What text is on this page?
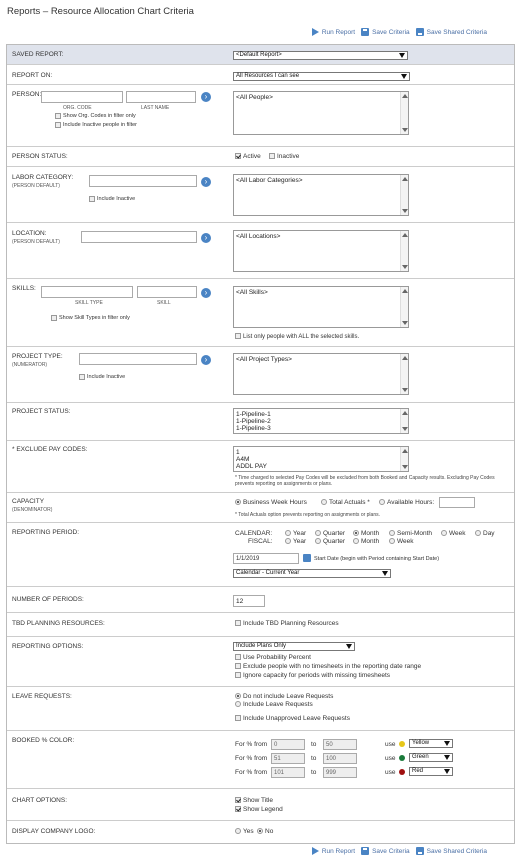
Reports – Resource Allocation Chart Criteria
Run Report	Save Criteria	Save Shared Criteria
SAVED REPORT:	<Default Report>
REPORT ON:	All Resources I can see
PERSON:
ORG. CODE	LAST NAME
›
Show Org. Codes in filter only
Include Inactive people in filter
<All People>
PERSON STATUS:	Active	Inactive
LABOR CATEGORY:
(PERSON DEFAULT)	›
Include Inactive
<All Labor Categories>
LOCATION:
(PERSON DEFAULT)	›	<All Locations>
SKILLS:
SKILL TYPE	SKILL
›
Show Skill Types in filter only
<All Skills>
List only people with ALL the selected skills.
PROJECT TYPE:
(NUMERATOR)
›
Include Inactive
<All Project Types>
PROJECT STATUS:	1-Pipeline-1
1-Pipeline-2
1-Pipeline-3
* EXCLUDE PAY CODES:	1
A4M
ADDL PAY
* Time charged to selected Pay Codes will be excluded from both Booked and Capacity results. Excluding Pay Codes prevents reporting on assignments or plans.
CAPACITY
(DENOMINATOR)
Business Week Hours	Total Actuals *	Available Hours:
* Total Actuals option prevents reporting on assignments or plans.
REPORTING PERIOD:	CALENDAR:
FISCAL:
Year	Quarter	Month	Semi-Month	Week	Day
Year	Quarter	Month	Week
1/1/2019	Start Date (begin with Period containing Start Date)
Calendar - Current Year
NUMBER OF PERIODS:	12
TBD PLANNING RESOURCES:	Include TBD Planning Resources
REPORTING OPTIONS:	Include Plans Only
Use Probability Percent
Exclude people with no timesheets in the reporting date range
Ignore capacity for periods with missing timesheets
LEAVE REQUESTS:	Do not include Leave Requests
Include Leave Requests
Include Unapproved Leave Requests
BOOKED % COLOR:
For % from	0	to	50	use	Yellow
For % from	51	to	100	use	Green
For % from	101	to	999	use	Red
CHART OPTIONS:	Show Title
Show Legend
DISPLAY COMPANY LOGO:	Yes	No
Run Report	Save Criteria	Save Shared Criteria
